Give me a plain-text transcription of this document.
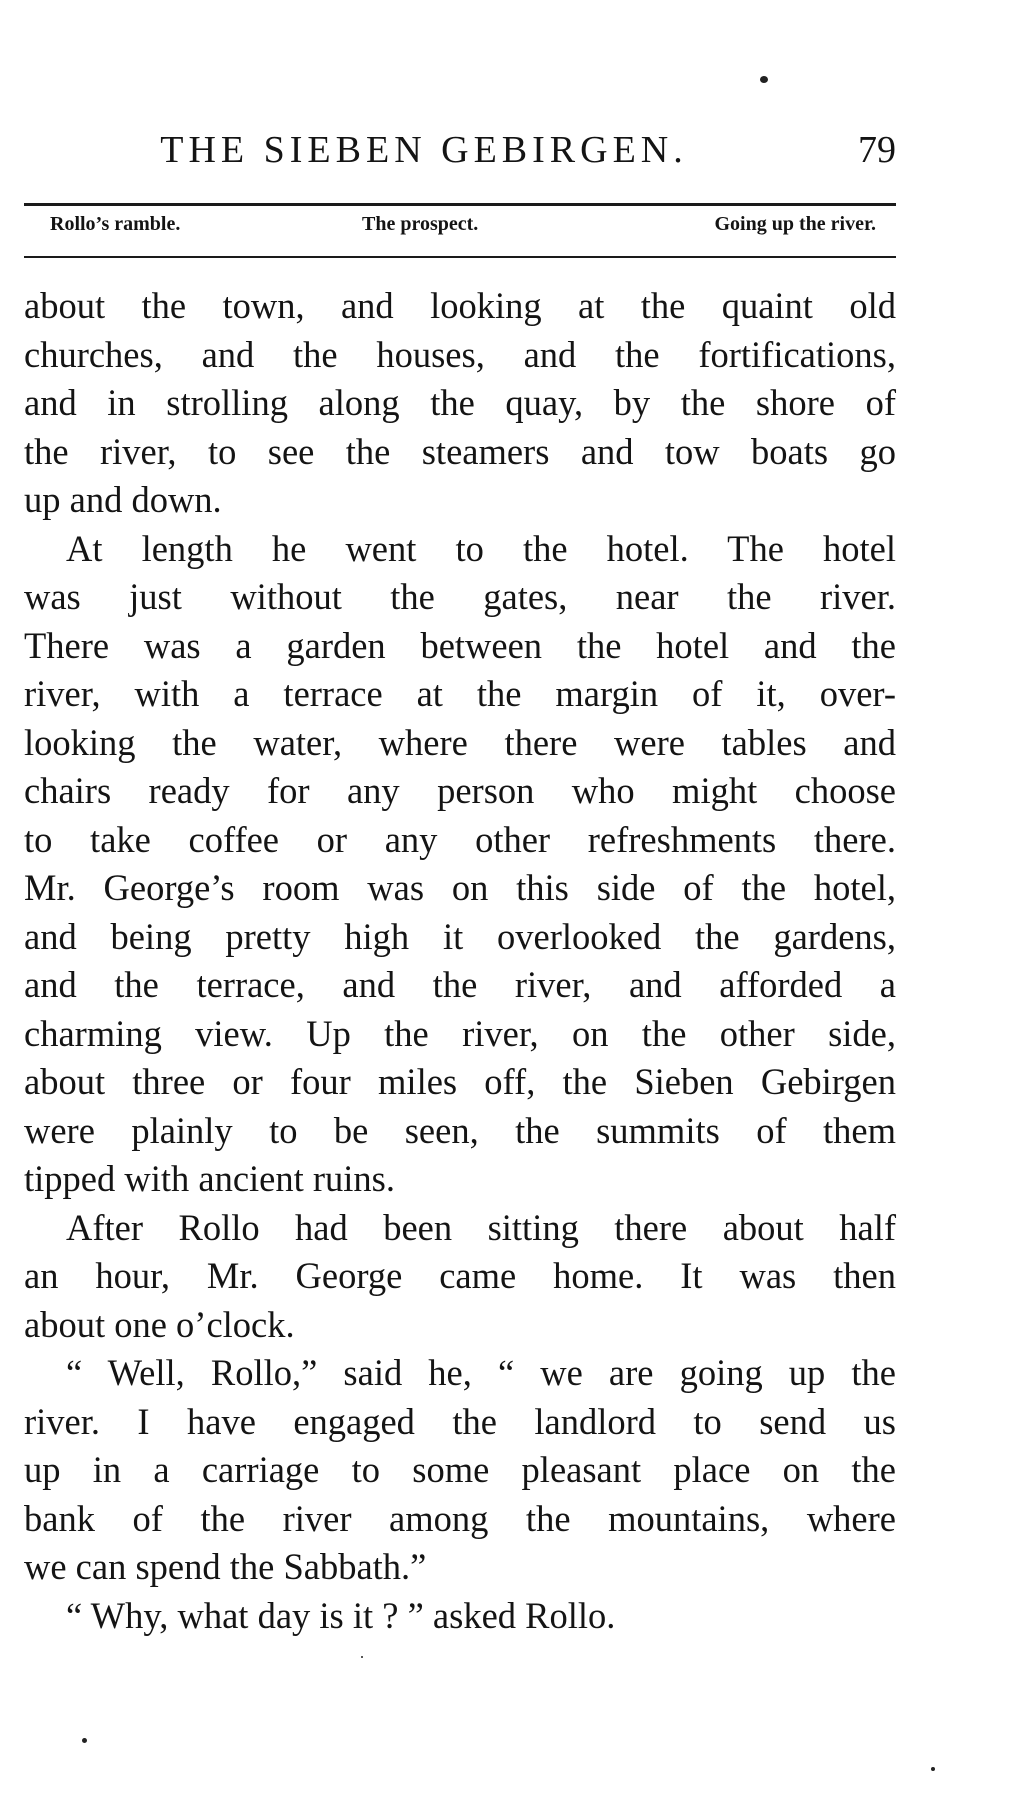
THE SIEBEN GEBIRGEN.	79
Rollo’s ramble.	The prospect.	Going up the river.
about the town, and looking at the quaint old
churches, and the houses, and the fortifications,
and in strolling along the quay, by the shore of
the river, to see the steamers and tow boats go
up and down.
At length he went to the hotel. The hotel
was just without the gates, near the river.
There was a garden between the hotel and the
river, with a terrace at the margin of it, over-
looking the water, where there were tables and
chairs ready for any person who might choose
to take coffee or any other refreshments there.
Mr. George’s room was on this side of the hotel,
and being pretty high it overlooked the gardens,
and the terrace, and the river, and afforded a
charming view. Up the river, on the other side,
about three or four miles off, the Sieben Gebirgen
were plainly to be seen, the summits of them
tipped with ancient ruins.
After Rollo had been sitting there about half
an hour, Mr. George came home. It was then
about one o’clock.
“ Well, Rollo,” said he, “ we are going up the
river. I have engaged the landlord to send us
up in a carriage to some pleasant place on the
bank of the river among the mountains, where
we can spend the Sabbath.”
“ Why, what day is it ? ” asked Rollo.
